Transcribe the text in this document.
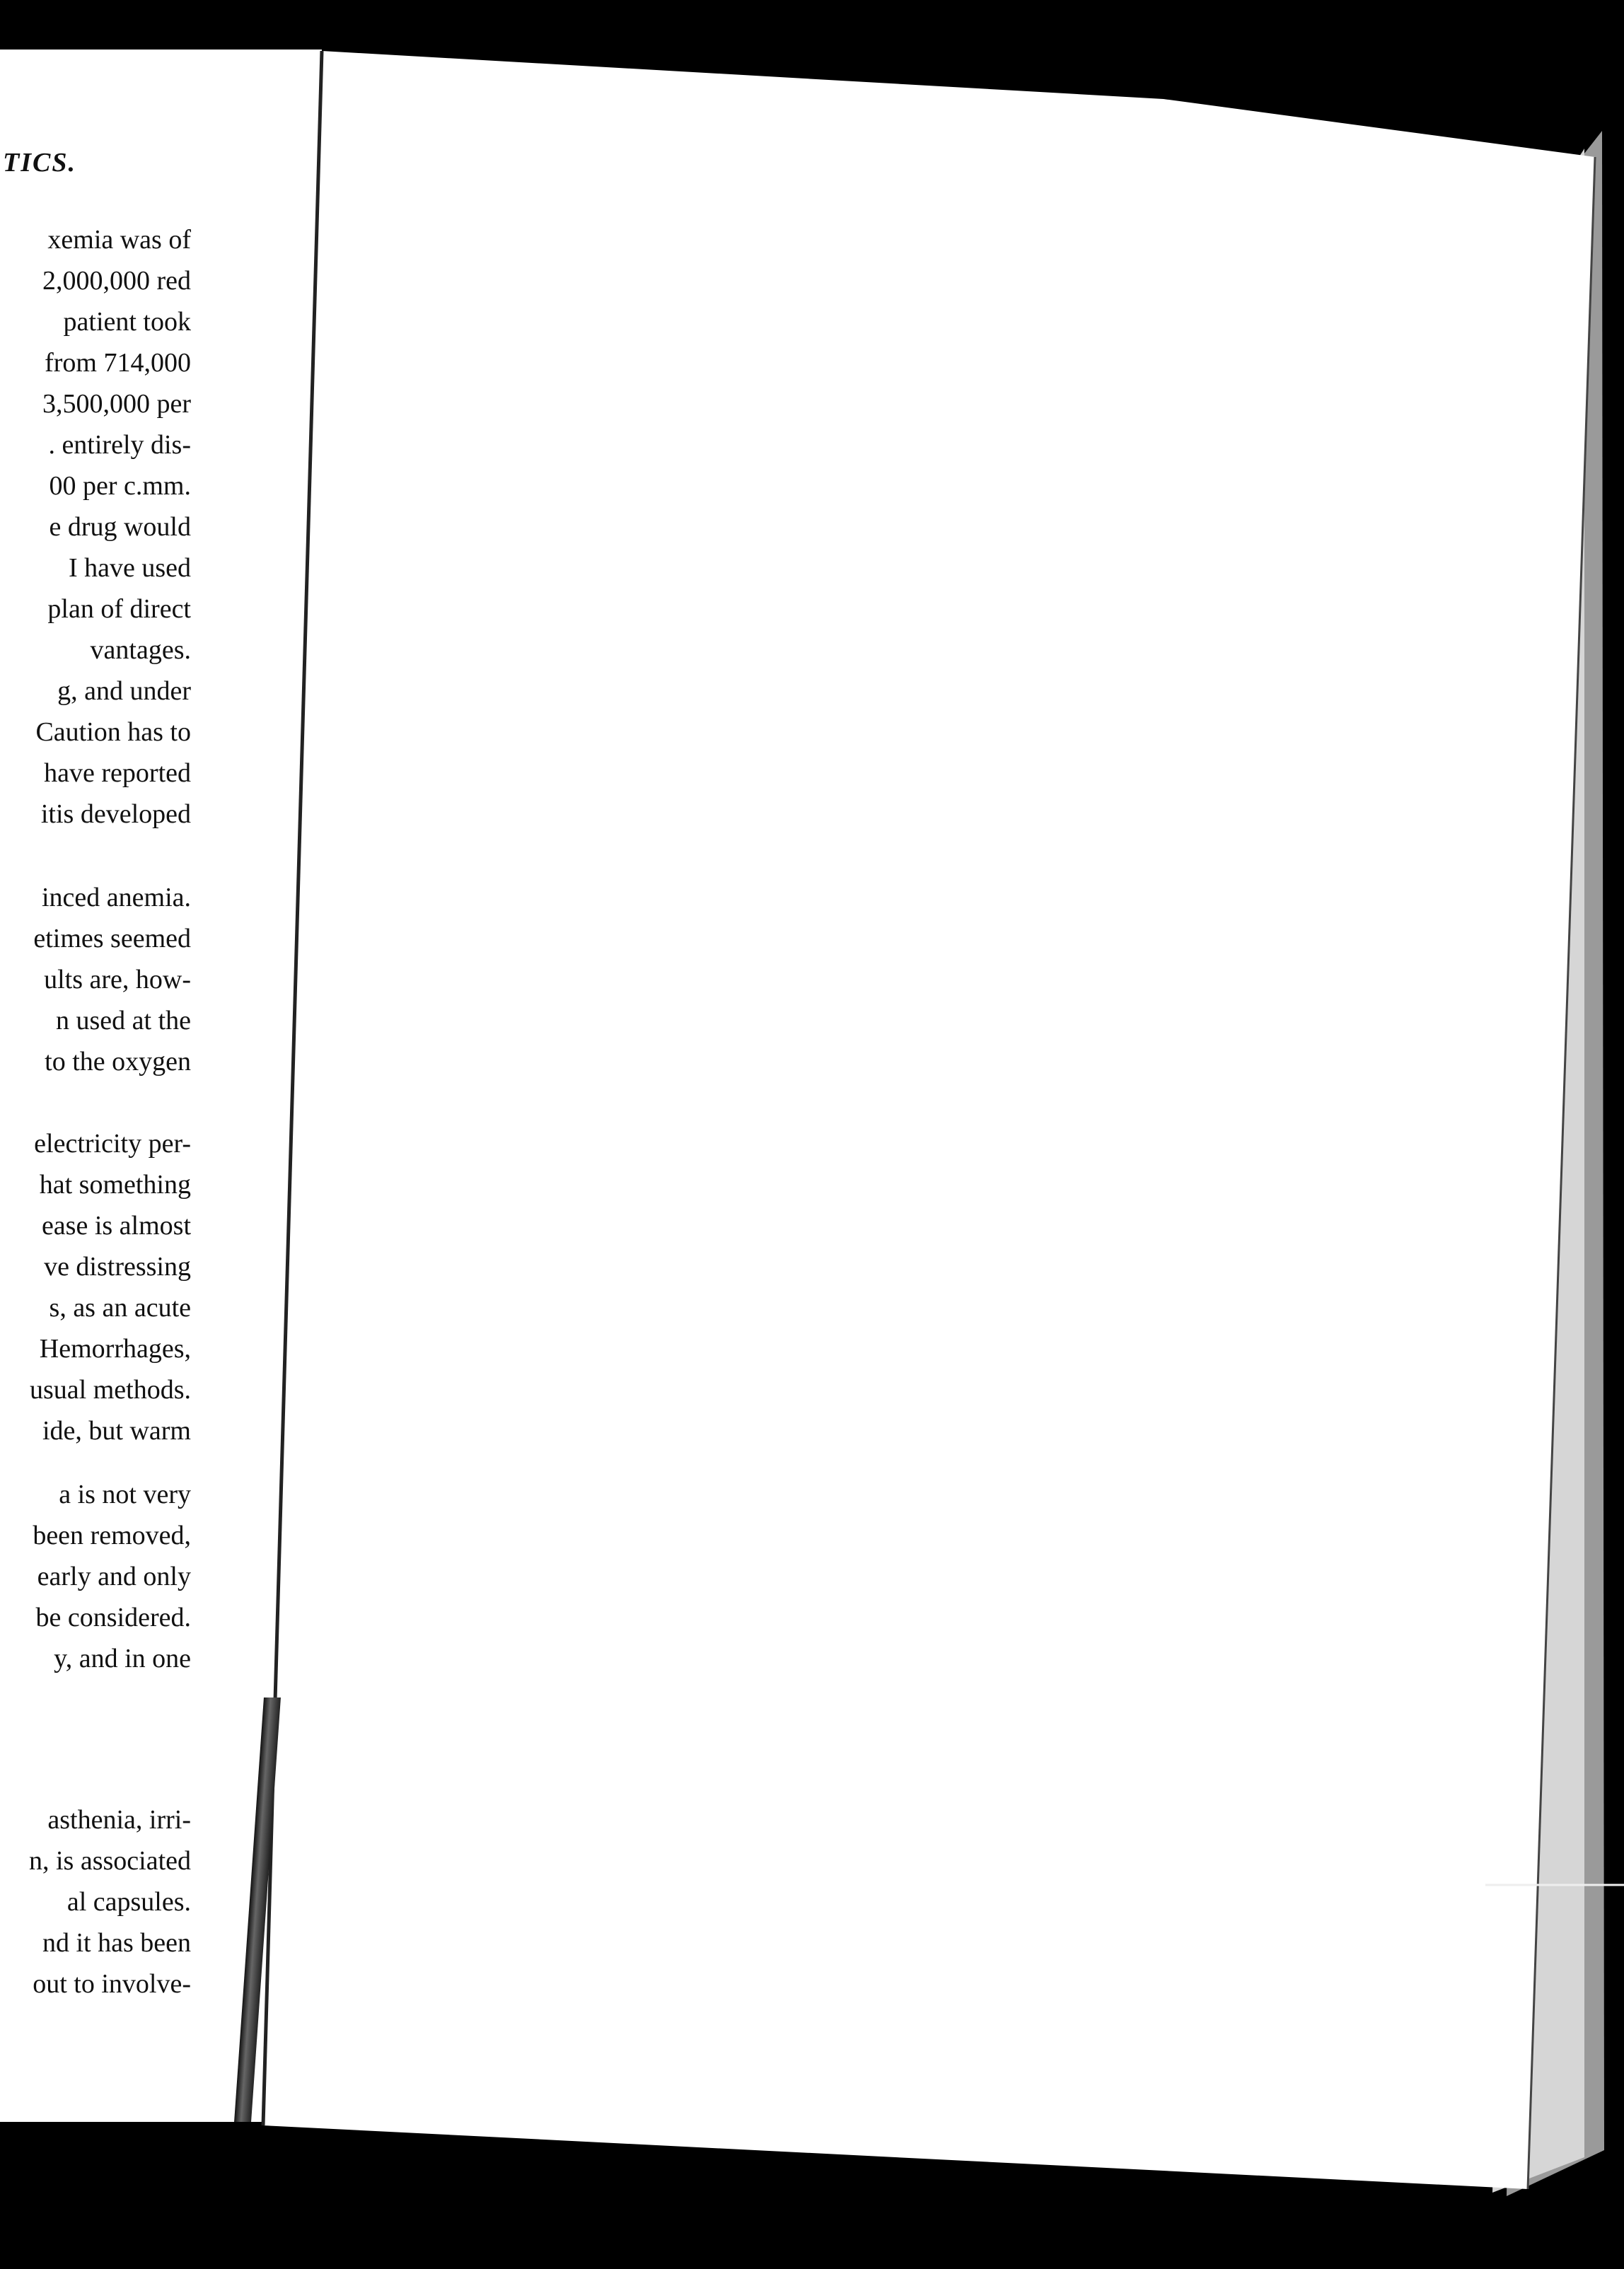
TICS.
xemia was of
2,000,000 red
patient took
from 714,000
3,500,000 per
. entirely dis-
00 per c.mm.
e drug would
I have used
plan of direct
vantages.
g, and under
Caution has to
have reported
itis developed
inced anemia.
etimes seemed
ults are, how-
n used at the
to the oxygen
electricity per-
hat something
ease is almost
ve distressing
s, as an acute
Hemorrhages,
usual methods.
ide, but warm
a is not very
been removed,
early and only
be considered.
y, and in one
asthenia, irri-
n, is associated
al capsules.
nd it has been
out to involve-
